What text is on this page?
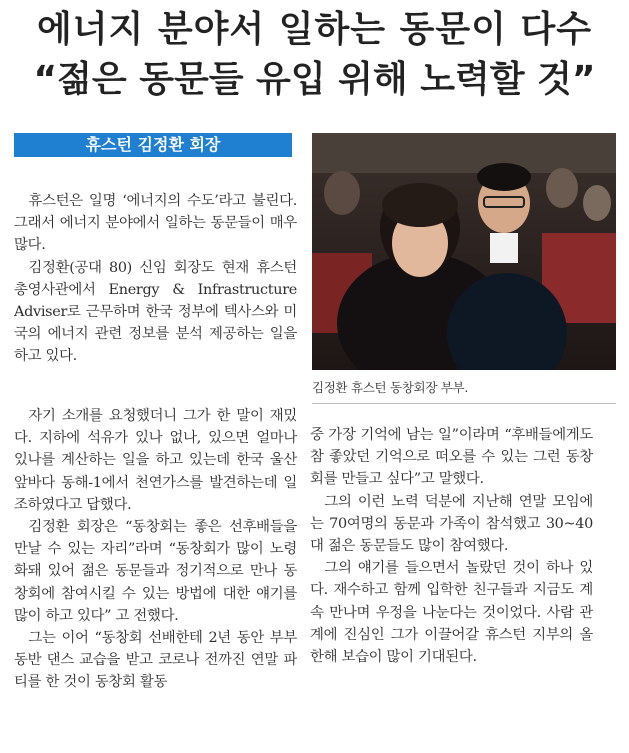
에너지 분야서 일하는 동문이 다수
“젊은 동문들 유입 위해 노력할 것”
휴스턴 김정환 회장

휴스턴은 일명 ‘에너지의 수도’라고 불린다. 그래서 에너지 분야에서 일하는 동문들이 매우 많다.

김정환(공대 80) 신임 회장도 현재 휴스턴 총영사관에서 Energy & Infrastructure Adviser로 근무하며 한국 정부에 텍사스와 미국의 에너지 관련 정보를 분석 제공하는 일을 하고 있다.

자기 소개를 요청했더니 그가 한 말이 재밌다. 지하에 석유가 있나 없나, 있으면 얼마나 있나를 계산하는 일을 하고 있는데 한국 울산앞바다 동해-1에서 천연가스를 발견하는데 일조하였다고 답했다.

김정환 회장은 “동창회는 좋은 선후배들을 만날 수 있는 자리”라며 “동창회가 많이 노령화돼 있어 젊은 동문들과 정기적으로 만나 동창회에 참여시킬 수 있는 방법에 대한 얘기를 많이 하고 있다” 고 전했다.

그는 이어 “동창회 선배한테 2년 동안 부부동반 댄스 교습을 받고 코로나 전까진 연말 파티를 한 것이 동창회 활동

김정환 휴스턴 동창회장 부부.

중 가장 기억에 남는 일”이라며 “후배들에게도 참 좋았던 기억으로 떠오를 수 있는 그런 동창회를 만들고 싶다”고 말했다.

그의 이런 노력 덕분에 지난해 연말 모임에는 70여명의 동문과 가족이 참석했고 30~40대 젊은 동문들도 많이 참여했다.

그의 얘기를 들으면서 놀랐던 것이 하나 있다. 재수하고 함께 입학한 친구들과 지금도 계속 만나며 우정을 나눈다는 것이었다. 사람 관계에 진심인 그가 이끌어갈 휴스턴 지부의 올 한해 보습이 많이 기대된다.
